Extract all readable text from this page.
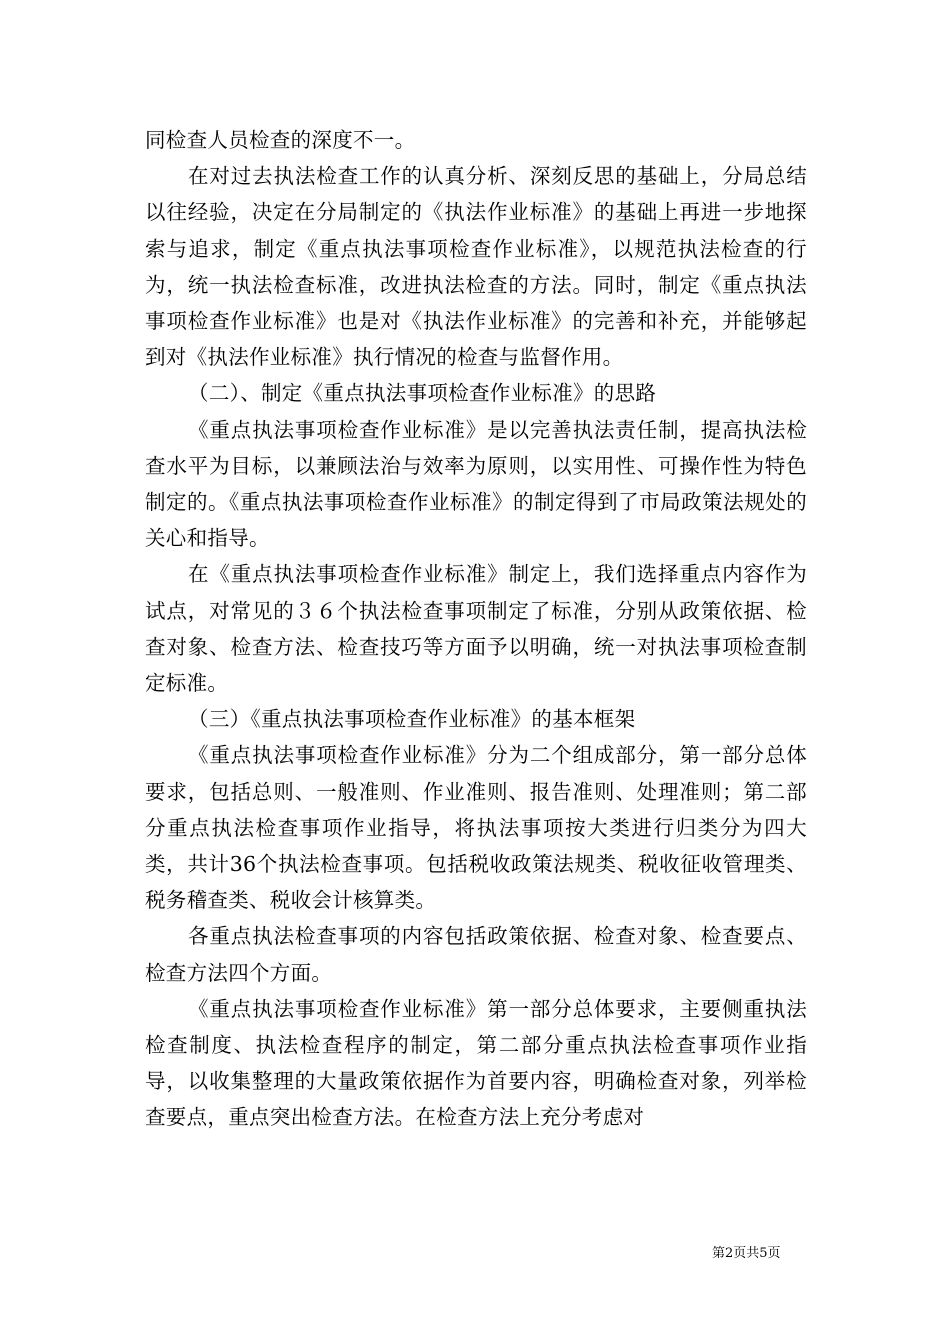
同检查人员检查的深度不一。

在对过去执法检查工作的认真分析、深刻反思的基础上，分局总结以往经验，决定在分局制定的《执法作业标准》的基础上再进一步地探索与追求，制定《重点执法事项检查作业标准》，以规范执法检查的行为，统一执法检查标准，改进执法检查的方法。同时，制定《重点执法事项检查作业标准》也是对《执法作业标准》的完善和补充，并能够起到对《执法作业标准》执行情况的检查与监督作用。

（二）、制定《重点执法事项检查作业标准》的思路

《重点执法事项检查作业标准》是以完善执法责任制，提高执法检查水平为目标，以兼顾法治与效率为原则，以实用性、可操作性为特色制定的。《重点执法事项检查作业标准》的制定得到了市局政策法规处的关心和指导。

在《重点执法事项检查作业标准》制定上，我们选择重点内容作为试点，对常见的３６个执法检查事项制定了标准，分别从政策依据、检查对象、检查方法、检查技巧等方面予以明确，统一对执法事项检查制定标准。

（三）《重点执法事项检查作业标准》的基本框架

《重点执法事项检查作业标准》分为二个组成部分，第一部分总体要求，包括总则、一般准则、作业准则、报告准则、处理准则；第二部分重点执法检查事项作业指导，将执法事项按大类进行归类分为四大类，共计36个执法检查事项。包括税收政策法规类、税收征收管理类、税务稽查类、税收会计核算类。

各重点执法检查事项的内容包括政策依据、检查对象、检查要点、检查方法四个方面。

《重点执法事项检查作业标准》第一部分总体要求，主要侧重执法检查制度、执法检查程序的制定，第二部分重点执法检查事项作业指导，以收集整理的大量政策依据作为首要内容，明确检查对象，列举检查要点，重点突出检查方法。在检查方法上充分考虑对

第2页共5页
